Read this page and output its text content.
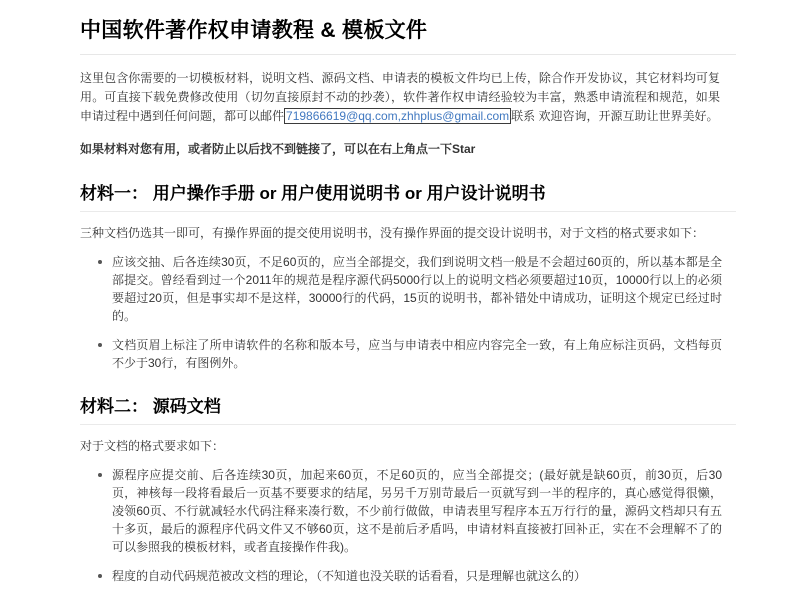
中国软件著作权申请教程 & 模板文件

这里包含你需要的一切模板材料，说明文档、源码文档、申请表的模板文件均已上传，除合作开发协议，其它材料均可复用。可直接下载免费修改使用（切勿直接原封不动的抄袭），软件著作权申请经验较为丰富，熟悉申请流程和规范，如果申请过程中遇到任何问题，都可以邮件 719866619@qq.com,zhhplus@gmail.com 联系 欢迎咨询，开源互助让世界美好。

如果材料对您有用，或者防止以后找不到链接了，可以在右上角点一下Star

材料一： 用户操作手册 or 用户使用说明书 or 用户设计说明书

三种文档仍选其一即可，有操作界面的提交使用说明书，没有操作界面的提交设计说明书，对于文档的格式要求如下：

应该交抽、后各连续30页，不足60页的，应当全部提交，我们到说明文档一般是不会超过60页的，所以基本都是全部提交。曾经看到过一个2011年的规范是程序源代码5000行以上的说明文档必须要超过10页，10000行以上的必须要超过20页，但是事实却不是这样，30000行的代码，15页的说明书，都补错处中请成功，证明这个规定已经过时的。
文档页眉上标注了所申请软件的名称和版本号，应当与申请表中相应内容完全一致，有上角应标注页码，文档每页不少于30行，有图例外。
材料二： 源码文档

对于文档的格式要求如下：

源程序应提交前、后各连续30页，加起来60页，不足60页的，应当全部提交；(最好就是缺60页，前30页，后30页，神核每一段将看最后一页基不要要求的结尾，另另千万别苛最后一页就写到一半的程序的，真心感觉得很懒，凌领60页、不行就减轻水代码注释来凑行数，不少前行做做，申请表里写程序本五万行行的量，源码文档却只有五十多页，最后的源程序代码文件又不够60页，这不是前后矛盾吗，申请材料直接被打回补正，实在不会理解不了的可以参照我的模板材料，或者直接操作件我)。
程度的自动代码规范被改文档的理论，（不知道也没关联的话看看，只是理解也就这么的）
